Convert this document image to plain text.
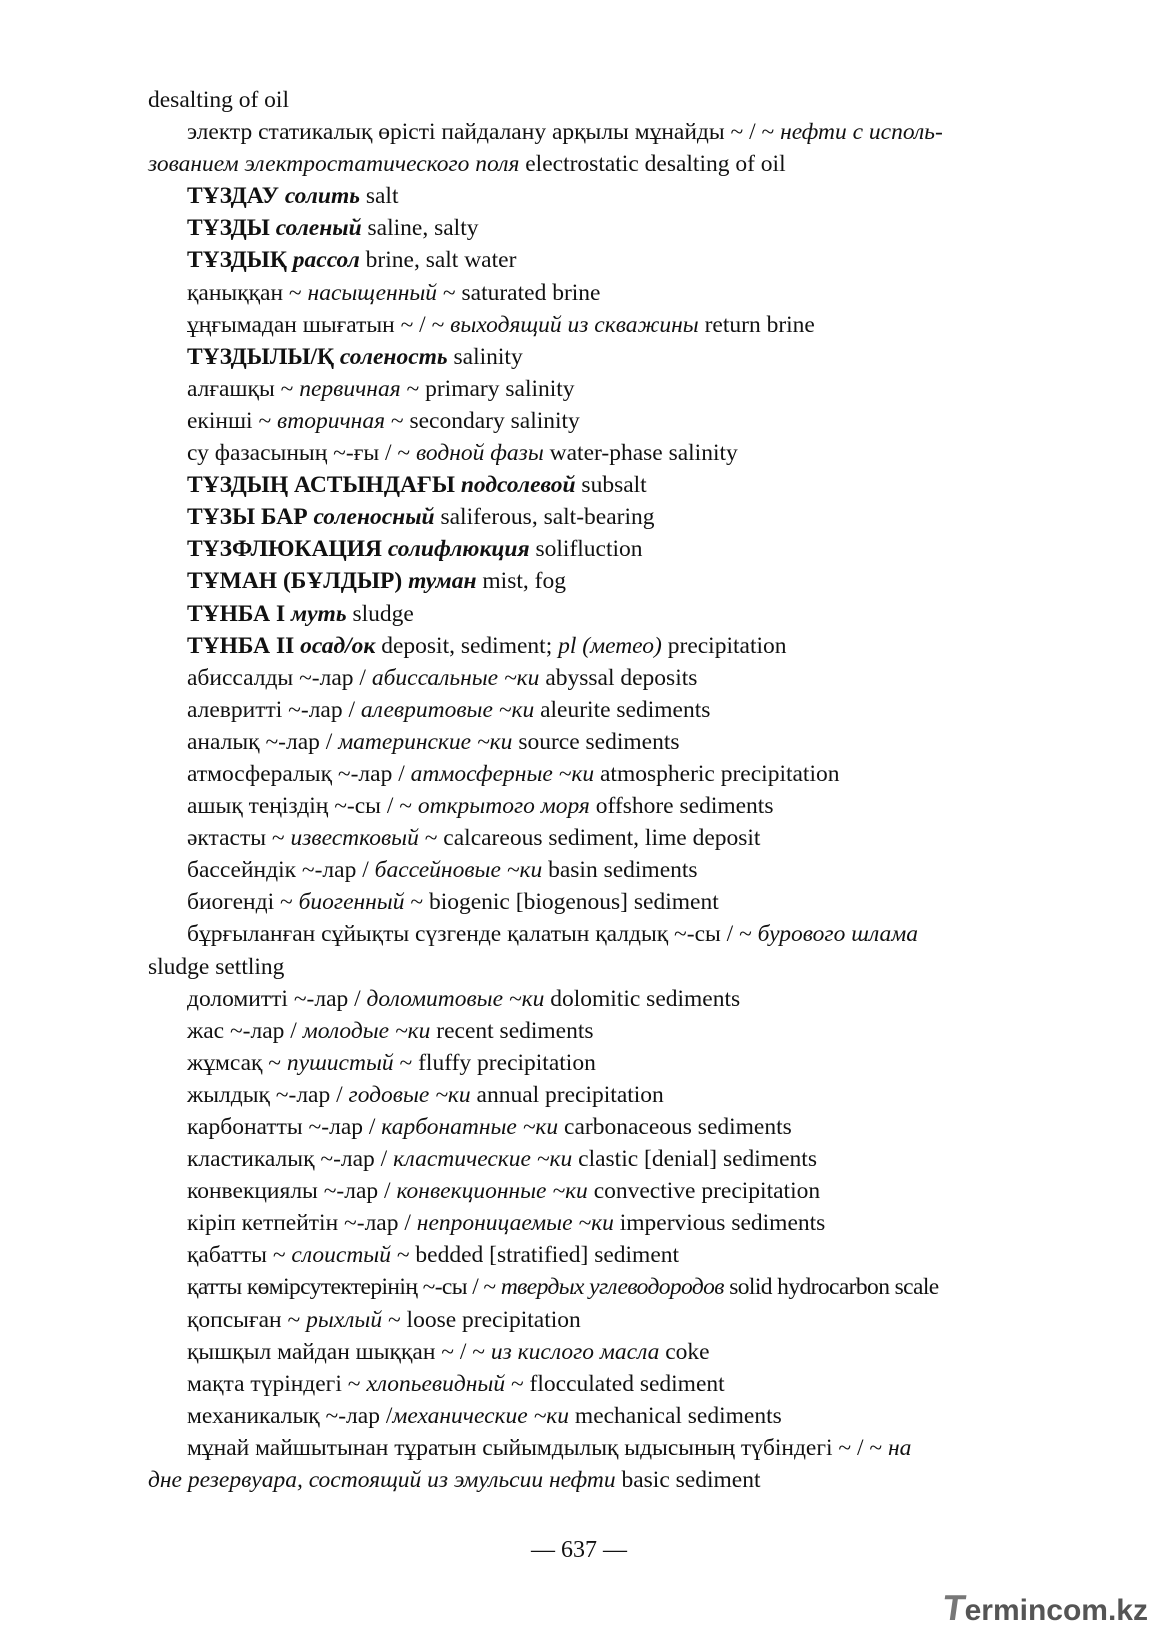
desalting of oil
электр статикалық өрісті пайдалану арқылы мұнайды ~ / ~ нефти с исполь-
зованием электростатического поля electrostatic desalting of oil
ТҰЗДАУ солить salt
ТҰЗДЫ соленый saline, salty
ТҰЗДЫҚ рассол brine, salt water
қаныққан ~ насыщенный ~ saturated brine
ұңғымадан шығатын ~ / ~ выходящий из скважины return brine
ТҰЗДЫЛЫ/Қ соленость salinity
алғашқы ~ первичная ~ primary salinity
екінші ~ вторичная ~ secondary salinity
су фазасының ~-ғы / ~ водной фазы water-phase salinity
ТҰЗДЫҢ АСТЫНДАҒЫ подсолевой subsalt
ТҰЗЫ БАР соленосный saliferous, salt-bearing
ТҰЗФЛЮКАЦИЯ солифлюкция solifluction
ТҰМАН (БҰЛДЫР) туман mist, fog
ТҰНБА I муть sludge
ТҰНБА II осад/ок deposit, sediment; pl (метео) precipitation
абиссалды ~-лар / абиссальные ~ки abyssal deposits
алевритті ~-лар / алевритовые ~ки aleurite sediments
аналық ~-лар / материнские ~ки source sediments
атмосфералық ~-лар / атмосферные ~ки atmospheric precipitation
ашық теңіздің ~-сы / ~ открытого моря offshore sediments
әктасты ~ известковый ~ calcareous sediment, lime deposit
бассейндік ~-лар / бассейновые ~ки basin sediments
биогенді ~ биогенный ~ biogenic [biogenous] sediment
бұрғыланған сұйықты сүзгенде қалатын қалдық ~-сы / ~ бурового шлама
sludge settling
доломитті ~-лар / доломитовые ~ки dolomitic sediments
жас ~-лар / молодые ~ки recent sediments
жұмсақ ~ пушистый ~ fluffy precipitation
жылдық ~-лар / годовые ~ки annual precipitation
карбонатты ~-лар / карбонатные ~ки carbonaceous sediments
кластикалық ~-лар / кластические ~ки clastic [denial] sediments
конвекциялы ~-лар / конвекционные ~ки convective precipitation
кіріп кетпейтін ~-лар / непроницаемые ~ки impervious sediments
қабатты ~ слоистый ~ bedded [stratified] sediment
қатты көмірсутектерінің ~-сы / ~ твердых углеводородов solid hydrocarbon scale
қопсыған ~ рыхлый ~ loose precipitation
қышқыл майдан шыққан ~ / ~ из кислого масла coke
мақта түріндегі ~ хлопьевидный ~ flocculated sediment
механикалық ~-лар /механические ~ки mechanical sediments
мұнай майшытынан тұратын сыйымдылық ыдысының түбіндегі ~ / ~ на
дне резервуара, состоящий из эмульсии нефти basic sediment
— 637 —
Termincom.kz
